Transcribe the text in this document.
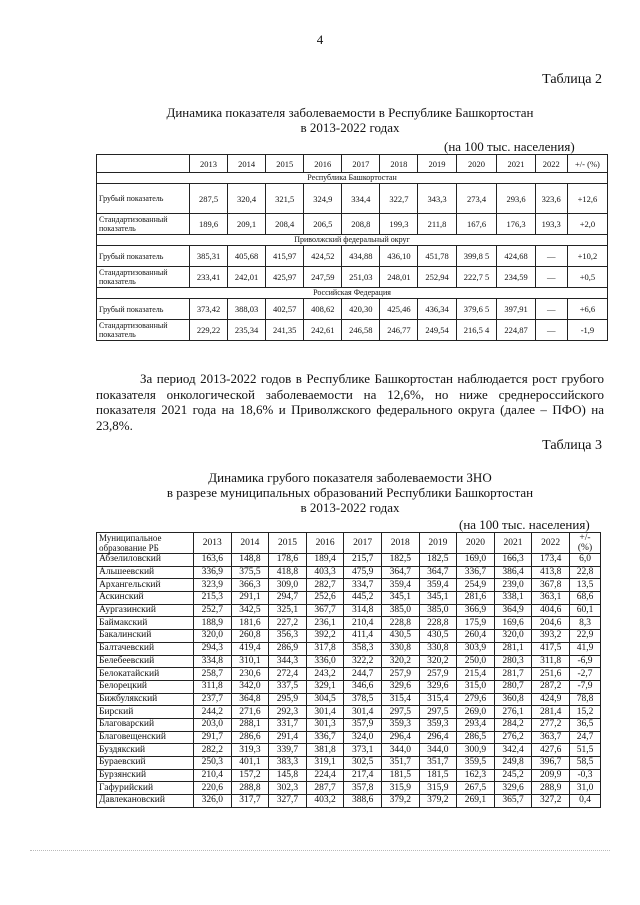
4
Таблица 2
Динамика показателя заболеваемости в Республике Башкортостан
в 2013-2022 годах
(на 100 тыс. населения)
	2013	2014	2015	2016	2017	2018	2019	2020	2021	2022	+/- (%)
Республика Башкортостан											
Грубый показатель	287,5	320,4	321,5	324,9	334,4	322,7	343,3	273,4	293,6	323,6	+12,6
Стандартизованный показатель	189,6	209,1	208,4	206,5	208,8	199,3	211,8	167,6	176,3	193,3	+2,0
Приволжский федеральный округ											
Грубый показатель	385,31	405,68	415,97	424,52	434,88	436,10	451,78	399,8 5	424,68	—	+10,2
Стандартизованный показатель	233,41	242,01	425,97	247,59	251,03	248,01	252,94	222,7 5	234,59	—	+0,5
Российская Федерация											
Грубый показатель	373,42	388,03	402,57	408,62	420,30	425,46	436,34	379,6 5	397,91	—	+6,6
Стандартизованный показатель	229,22	235,34	241,35	242,61	246,58	246,77	249,54	216,5 4	224,87	—	-1,9
За период 2013-2022 годов в Республике Башкортостан наблюдается рост грубого показателя онкологической заболеваемости на 12,6%, но ниже среднероссийского показателя 2021 года на 18,6% и Приволжского федерального округа (далее – ПФО) на 23,8%.
Таблица 3
Динамика грубого показателя заболеваемости ЗНО
в разрезе муниципальных образований Республики Башкортостан
в 2013-2022 годах
(на 100 тыс. населения)
Муниципальное образование РБ	2013	2014	2015	2016	2017	2018	2019	2020	2021	2022	+/- (%)
Абзелиловский	163,6	148,8	178,6	189,4	215,7	182,5	182,5	169,0	166,3	173,4	6,0
Альшеевский	336,9	375,5	418,8	403,3	475,9	364,7	364,7	336,7	386,4	413,8	22,8
Архангельский	323,9	366,3	309,0	282,7	334,7	359,4	359,4	254,9	239,0	367,8	13,5
Аскинский	215,3	291,1	294,7	252,6	445,2	345,1	345,1	281,6	338,1	363,1	68,6
Аургазинский	252,7	342,5	325,1	367,7	314,8	385,0	385,0	366,9	364,9	404,6	60,1
Баймакский	188,9	181,6	227,2	236,1	210,4	228,8	228,8	175,9	169,6	204,6	8,3
Бакалинский	320,0	260,8	356,3	392,2	411,4	430,5	430,5	260,4	320,0	393,2	22,9
Балтачевский	294,3	419,4	286,9	317,8	358,3	330,8	330,8	303,9	281,1	417,5	41,9
Белебеевский	334,8	310,1	344,3	336,0	322,2	320,2	320,2	250,0	280,3	311,8	-6,9
Белокатайский	258,7	230,6	272,4	243,2	244,7	257,9	257,9	215,4	281,7	251,6	-2,7
Белорецкий	311,8	342,0	337,5	329,1	346,6	329,6	329,6	315,0	280,7	287,2	-7,9
Бижбулякский	237,7	364,8	295,9	304,5	378,5	315,4	315,4	279,6	360,8	424,9	78,8
Бирский	244,2	271,6	292,3	301,4	301,4	297,5	297,5	269,0	276,1	281,4	15,2
Благоварский	203,0	288,1	331,7	301,3	357,9	359,3	359,3	293,4	284,2	277,2	36,5
Благовещенский	291,7	286,6	291,4	336,7	324,0	296,4	296,4	286,5	276,2	363,7	24,7
Буздякский	282,2	319,3	339,7	381,8	373,1	344,0	344,0	300,9	342,4	427,6	51,5
Бураевский	250,3	401,1	383,3	319,1	302,5	351,7	351,7	359,5	249,8	396,7	58,5
Бурзянский	210,4	157,2	145,8	224,4	217,4	181,5	181,5	162,3	245,2	209,9	-0,3
Гафурийский	220,6	288,8	302,3	287,7	357,8	315,9	315,9	267,5	329,6	288,9	31,0
Давлекановский	326,0	317,7	327,7	403,2	388,6	379,2	379,2	269,1	365,7	327,2	0,4
